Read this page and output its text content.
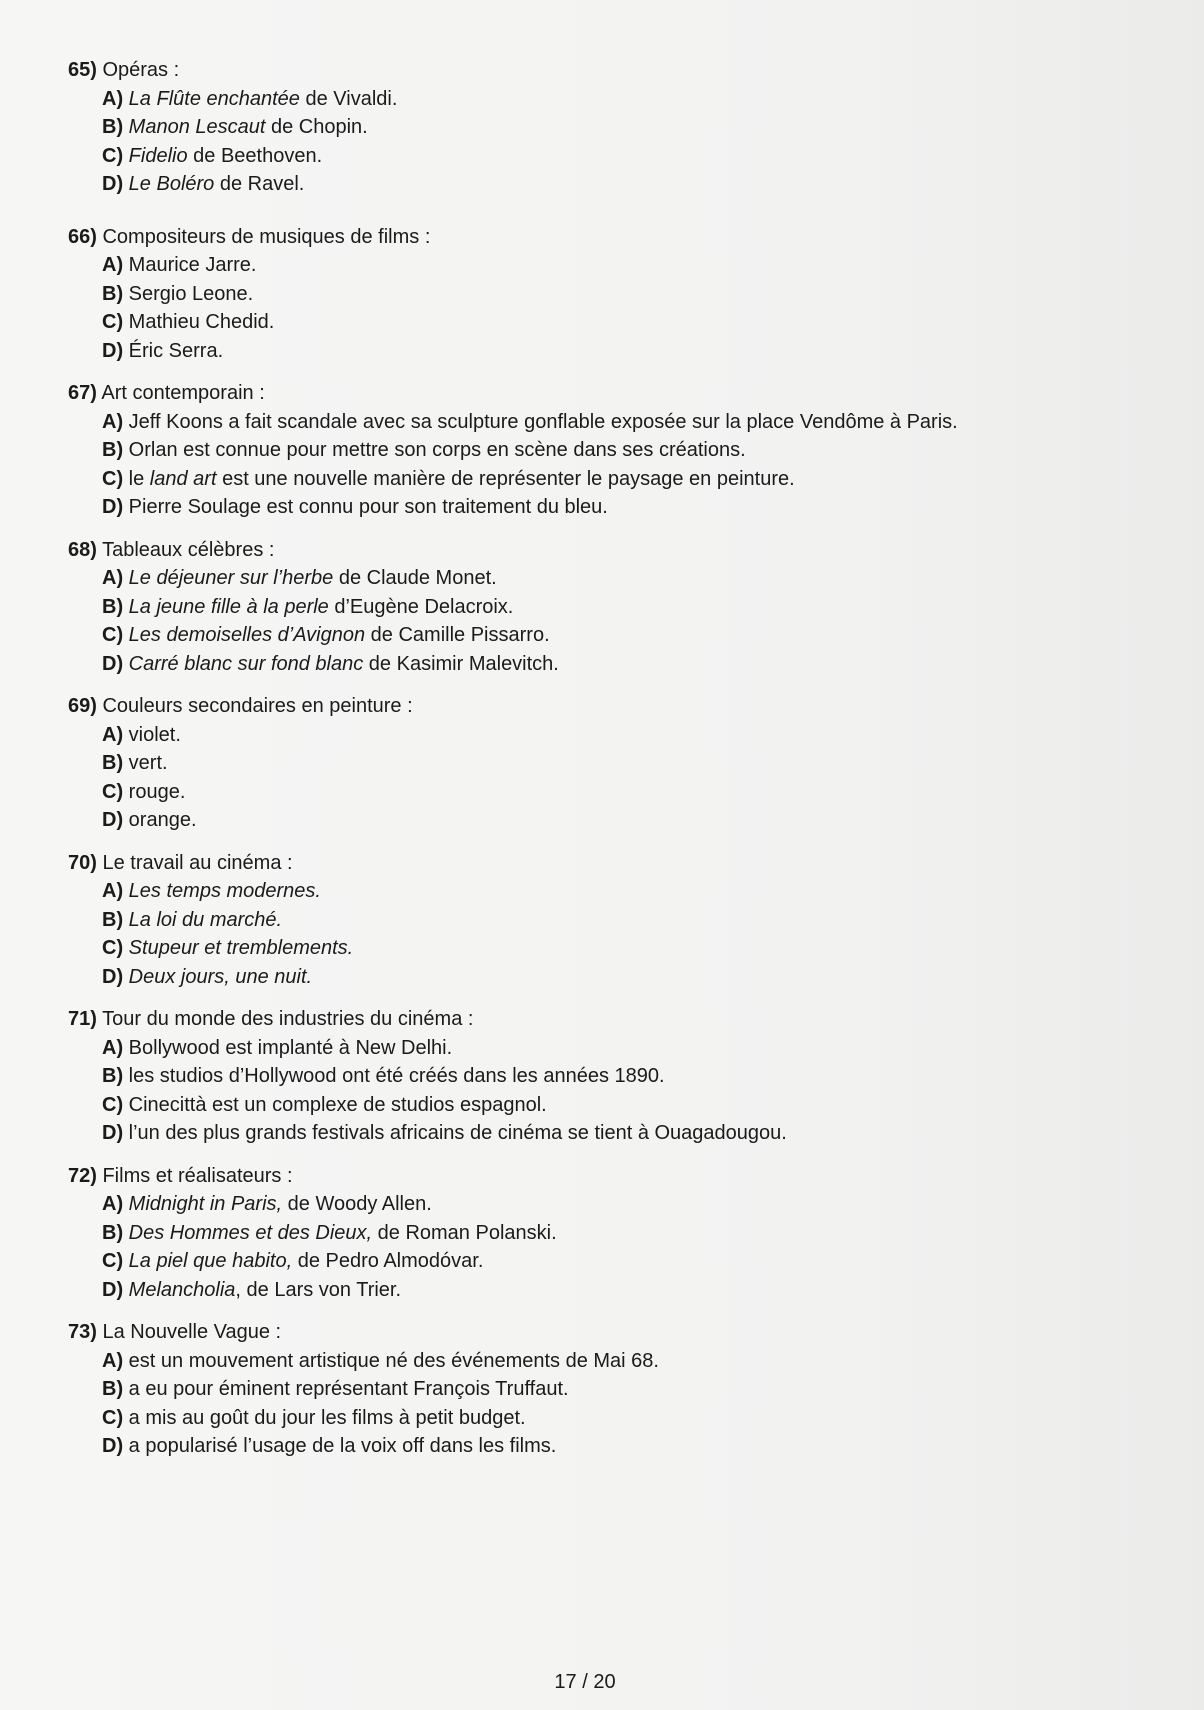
65) Opéras :
A) La Flûte enchantée de Vivaldi.
B) Manon Lescaut de Chopin.
C) Fidelio de Beethoven.
D) Le Boléro de Ravel.
66) Compositeurs de musiques de films :
A) Maurice Jarre.
B) Sergio Leone.
C) Mathieu Chedid.
D) Éric Serra.
67) Art contemporain :
A) Jeff Koons a fait scandale avec sa sculpture gonflable exposée sur la place Vendôme à Paris.
B) Orlan est connue pour mettre son corps en scène dans ses créations.
C) le land art est une nouvelle manière de représenter le paysage en peinture.
D) Pierre Soulage est connu pour son traitement du bleu.
68) Tableaux célèbres :
A) Le déjeuner sur l’herbe de Claude Monet.
B) La jeune fille à la perle d’Eugène Delacroix.
C) Les demoiselles d’Avignon de Camille Pissarro.
D) Carré blanc sur fond blanc de Kasimir Malevitch.
69) Couleurs secondaires en peinture :
A) violet.
B) vert.
C) rouge.
D) orange.
70) Le travail au cinéma :
A) Les temps modernes.
B) La loi du marché.
C) Stupeur et tremblements.
D) Deux jours, une nuit.
71) Tour du monde des industries du cinéma :
A) Bollywood est implanté à New Delhi.
B) les studios d’Hollywood ont été créés dans les années 1890.
C) Cinecittà est un complexe de studios espagnol.
D) l’un des plus grands festivals africains de cinéma se tient à Ouagadougou.
72) Films et réalisateurs :
A) Midnight in Paris, de Woody Allen.
B) Des Hommes et des Dieux, de Roman Polanski.
C) La piel que habito, de Pedro Almodóvar.
D) Melancholia, de Lars von Trier.
73) La Nouvelle Vague :
A) est un mouvement artistique né des événements de Mai 68.
B) a eu pour éminent représentant François Truffaut.
C) a mis au goût du jour les films à petit budget.
D) a popularisé l’usage de la voix off dans les films.
17 / 20
